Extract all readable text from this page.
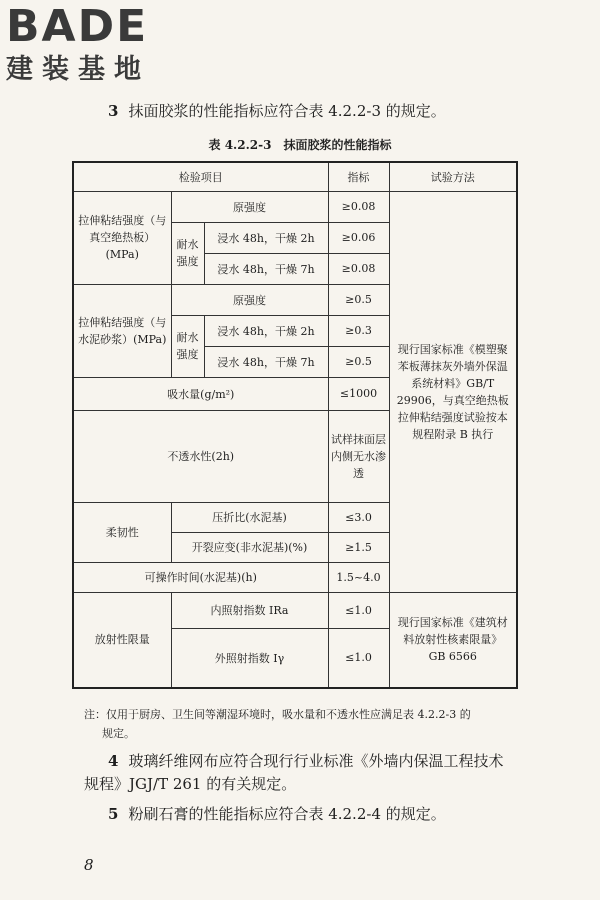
BADE
建装基地
3 抹面胶浆的性能指标应符合表 4.2.2-3 的规定。
表 4.2.2-3　抹面胶浆的性能指标
检验项目			指标	试验方法
拉伸粘结强度（与真空绝热板）(MPa)	原强度		≥0.08	现行国家标准《模塑聚苯板薄抹灰外墙外保温系统材料》GB/T 29906，与真空绝热板拉伸粘结强度试验按本规程附录 B 执行
	耐水强度	浸水 48h，干燥 2h	≥0.06	
		浸水 48h，干燥 7h	≥0.08	
拉伸粘结强度（与水泥砂浆）(MPa)	原强度		≥0.5	
	耐水强度	浸水 48h，干燥 2h	≥0.3	
		浸水 48h，干燥 7h	≥0.5	
吸水量(g/m²)			≤1000	
不透水性(2h)			试样抹面层内侧无水渗透	
柔韧性	压折比(水泥基)		≤3.0	
	开裂应变(非水泥基)(%)		≥1.5	
可操作时间(水泥基)(h)			1.5~4.0	
放射性限量	内照射指数 IRa		≤1.0	现行国家标准《建筑材料放射性核素限量》GB 6566
	外照射指数 Iγ		≤1.0	
注：仅用于厨房、卫生间等潮湿环境时，吸水量和不透水性应满足表 4.2.2-3 的
规定。
4 玻璃纤维网布应符合现行行业标准《外墙内保温工程技术
规程》JGJ/T 261 的有关规定。
5 粉刷石膏的性能指标应符合表 4.2.2-4 的规定。
8
